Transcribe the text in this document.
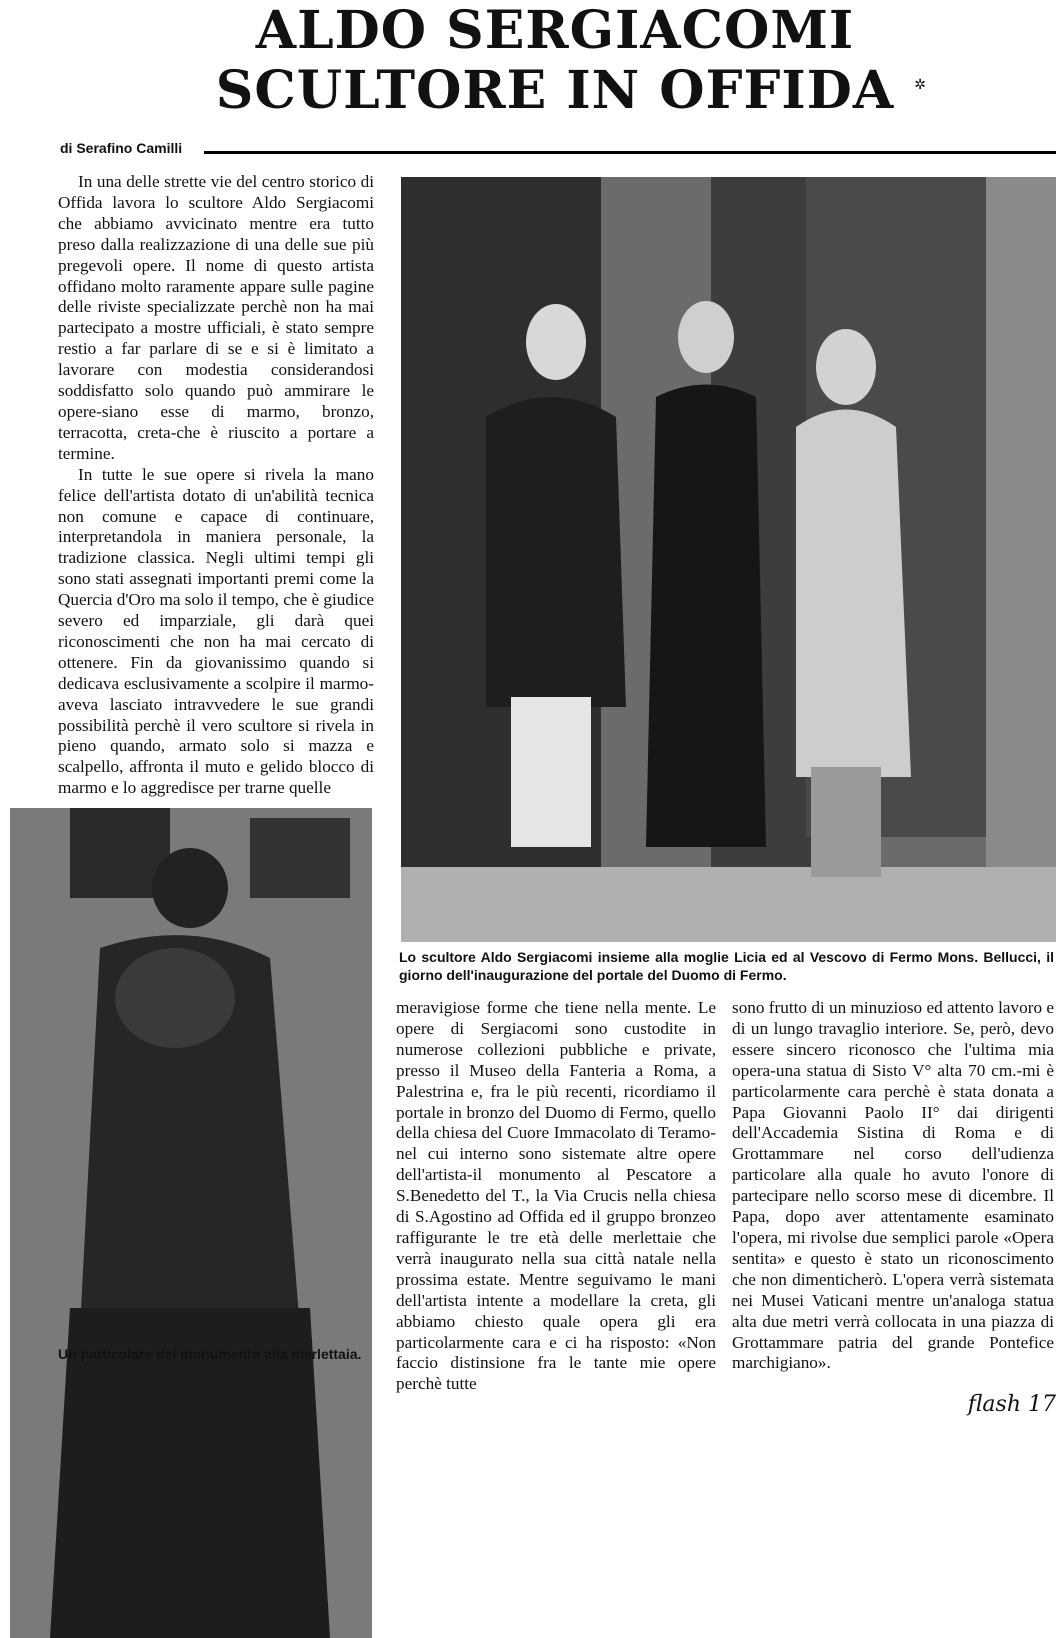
ALDO SERGIACOMI
SCULTORE IN OFFIDA	✲
di Serafino Camilli

In una delle strette vie del centro storico di Offida lavora lo scultore Aldo Sergiacomi che abbiamo avvicinato mentre era tutto preso dalla realizzazione di una delle sue più pregevoli opere. Il nome di questo artista offidano molto raramente appare sulle pagine delle riviste specializzate perchè non ha mai partecipato a mostre ufficiali, è stato sempre restio a far parlare di se e si è limitato a lavorare con modestia considerandosi soddisfatto solo quando può ammirare le opere-siano esse di marmo, bronzo, terracotta, creta-che è riuscito a portare a termine.

In tutte le sue opere si rivela la mano felice dell'artista dotato di un'abilità tecnica non comune e capace di continuare, interpretandola in maniera personale, la tradizione classica. Negli ultimi tempi gli sono stati assegnati importanti premi come la Quercia d'Oro ma solo il tempo, che è giudice severo ed imparziale, gli darà quei riconoscimenti che non ha mai cercato di ottenere. Fin da giovanissimo quando si dedicava esclusivamente a scolpire il marmo-aveva lasciato intravvedere le sue grandi possibilità perchè il vero scultore si rivela in pieno quando, armato solo si mazza e scalpello, affronta il muto e gelido blocco di marmo e lo aggredisce per trarne quelle

Lo scultore Aldo Sergiacomi insieme alla moglie Licia ed al Vescovo di Fermo Mons. Bellucci, il giorno dell'inaugurazione del portale del Duomo di Fermo.
Un particolare del monumento alla merlettaia.

meravigiose forme che tiene nella mente. Le opere di Sergiacomi sono custodite in numerose collezioni pubbliche e private, presso il Museo della Fanteria a Roma, a Palestrina e, fra le più recenti, ricordiamo il portale in bronzo del Duomo di Fermo, quello della chiesa del Cuore Immacolato di Teramo-nel cui interno sono sistemate altre opere dell'artista-il monumento al Pescatore a S.Benedetto del T., la Via Crucis nella chiesa di S.Agostino ad Offida ed il gruppo bronzeo raffigurante le tre età delle merlettaie che verrà inaugurato nella sua città natale nella prossima estate. Mentre seguivamo le mani dell'artista intente a modellare la creta, gli abbiamo chiesto quale opera gli era particolarmente cara e ci ha risposto: «Non faccio distinsione fra le tante mie opere perchè tutte

sono frutto di un minuzioso ed attento lavoro e di un lungo travaglio interiore. Se, però, devo essere sincero riconosco che l'ultima mia opera-una statua di Sisto V° alta 70 cm.-mi è particolarmente cara perchè è stata donata a Papa Giovanni Paolo II° dai dirigenti dell'Accademia Sistina di Roma e di Grottammare nel corso dell'udienza particolare alla quale ho avuto l'onore di partecipare nello scorso mese di dicembre. Il Papa, dopo aver attentamente esaminato l'opera, mi rivolse due semplici parole «Opera sentita» e questo è stato un riconoscimento che non dimenticherò. L'opera verrà sistemata nei Musei Vaticani mentre un'analoga statua alta due metri verrà collocata in una piazza di Grottammare patria del grande Pontefice marchigiano».

flash 17
